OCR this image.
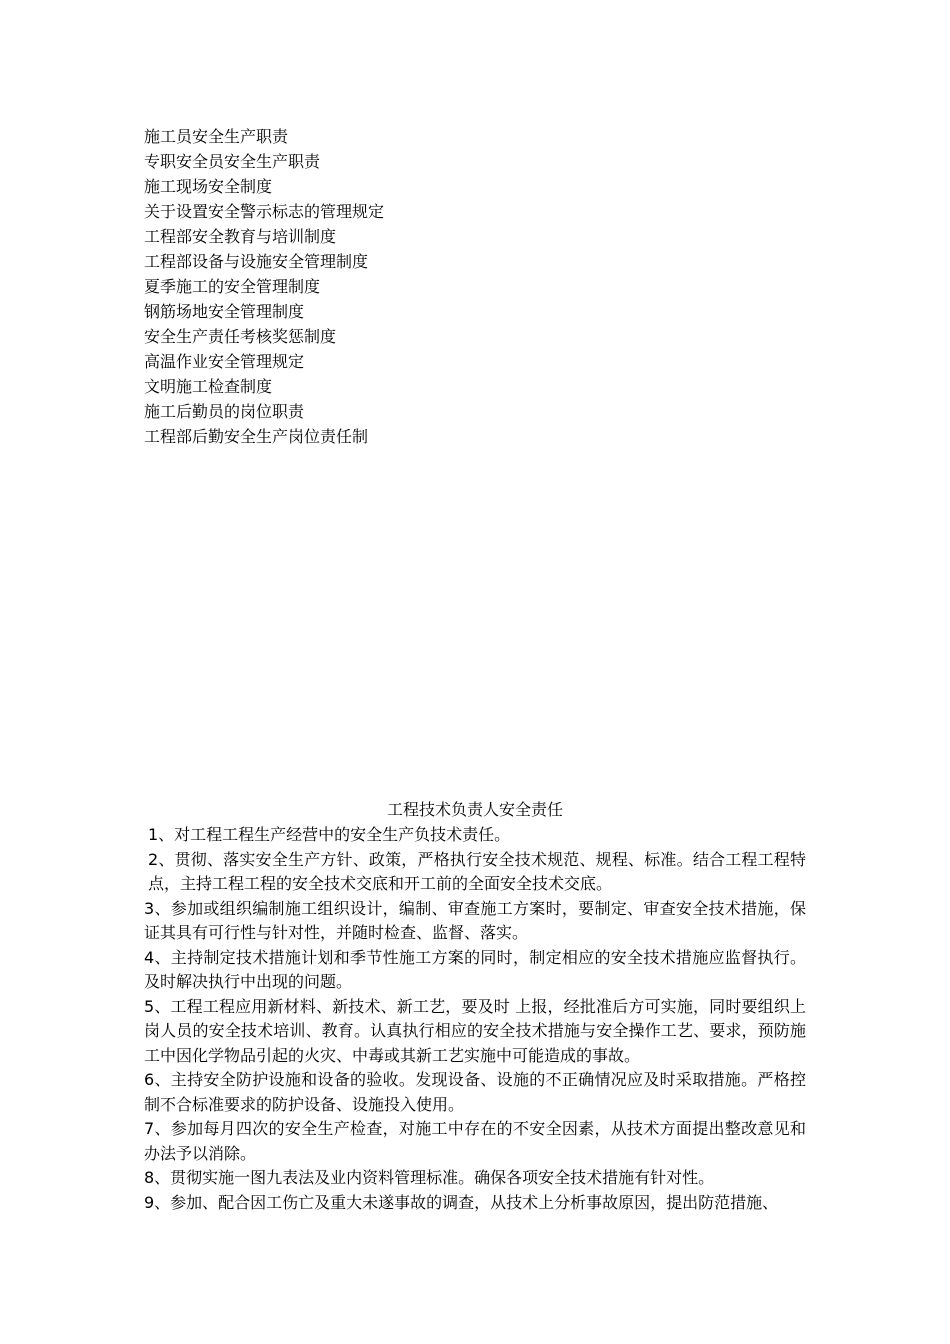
施工员安全生产职责
专职安全员安全生产职责
施工现场安全制度
关于设置安全警示标志的管理规定
工程部安全教育与培训制度
工程部设备与设施安全管理制度
夏季施工的安全管理制度
钢筋场地安全管理制度
安全生产责任考核奖惩制度
高温作业安全管理规定
文明施工检查制度
施工后勤员的岗位职责
工程部后勤安全生产岗位责任制
工程技术负责人安全责任

1、对工程工程生产经营中的安全生产负技术责任。

2、贯彻、落实安全生产方针、政策，严格执行安全技术规范、规程、标准。结合工程工程特点，主持工程工程的安全技术交底和开工前的全面安全技术交底。

3、参加或组织编制施工组织设计，编制、审查施工方案时，要制定、审查安全技术措施，保证其具有可行性与针对性，并随时检查、监督、落实。

4、主持制定技术措施计划和季节性施工方案的同时，制定相应的安全技术措施应监督执行。及时解决执行中出现的问题。

5、工程工程应用新材料、新技术、新工艺，要及时 上报，经批准后方可实施，同时要组织上岗人员的安全技术培训、教育。认真执行相应的安全技术措施与安全操作工艺、要求，预防施工中因化学物品引起的火灾、中毒或其新工艺实施中可能造成的事故。

6、主持安全防护设施和设备的验收。发现设备、设施的不正确情况应及时采取措施。严格控制不合标准要求的防护设备、设施投入使用。

7、参加每月四次的安全生产检查，对施工中存在的不安全因素，从技术方面提出整改意见和办法予以消除。

8、贯彻实施一图九表法及业内资料管理标准。确保各项安全技术措施有针对性。

9、参加、配合因工伤亡及重大未遂事故的调查，从技术上分析事故原因，提出防范措施、
